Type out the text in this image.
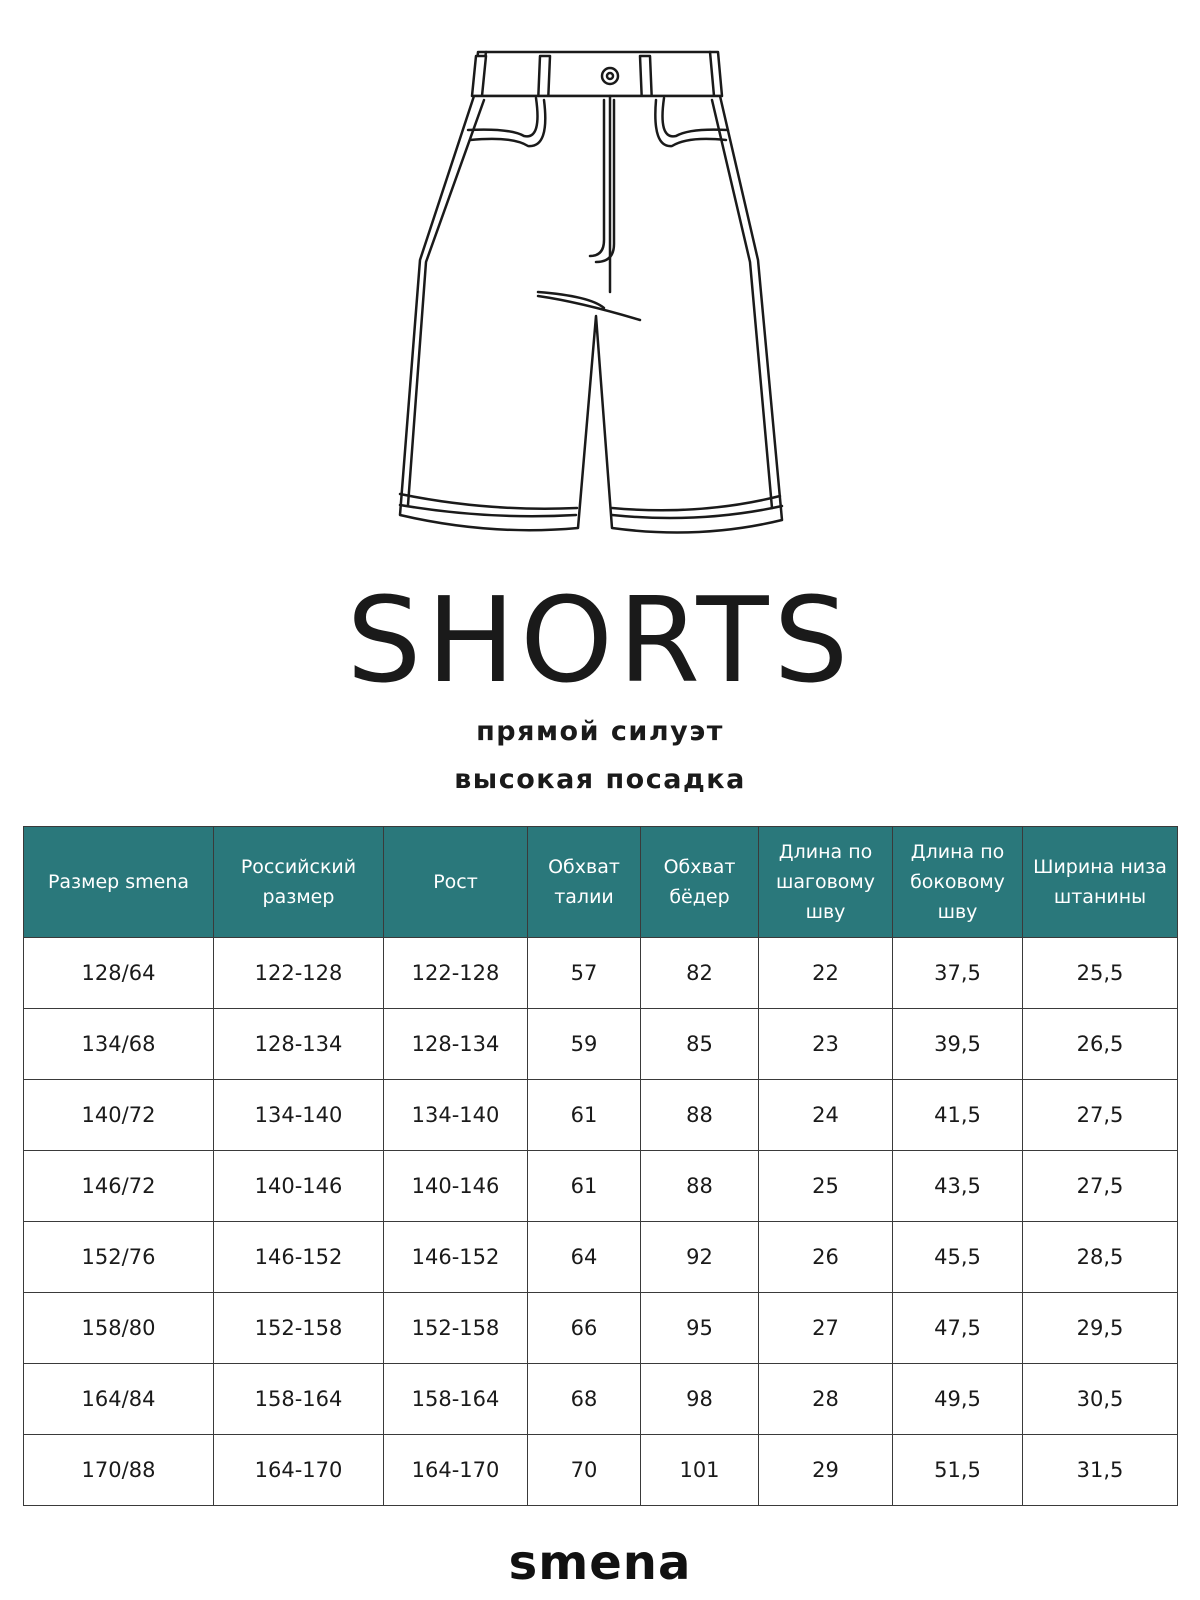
SHORTS
прямой силуэт
высокая посадка
Размер smena	Российский размер	Рост	Обхват талии	Обхват бёдер	Длина по шаговому шву	Длина по боковому шву	Ширина низа штанины
128/64	122-128	122-128	57	82	22	37,5	25,5
134/68	128-134	128-134	59	85	23	39,5	26,5
140/72	134-140	134-140	61	88	24	41,5	27,5
146/72	140-146	140-146	61	88	25	43,5	27,5
152/76	146-152	146-152	64	92	26	45,5	28,5
158/80	152-158	152-158	66	95	27	47,5	29,5
164/84	158-164	158-164	68	98	28	49,5	30,5
170/88	164-170	164-170	70	101	29	51,5	31,5
smena
